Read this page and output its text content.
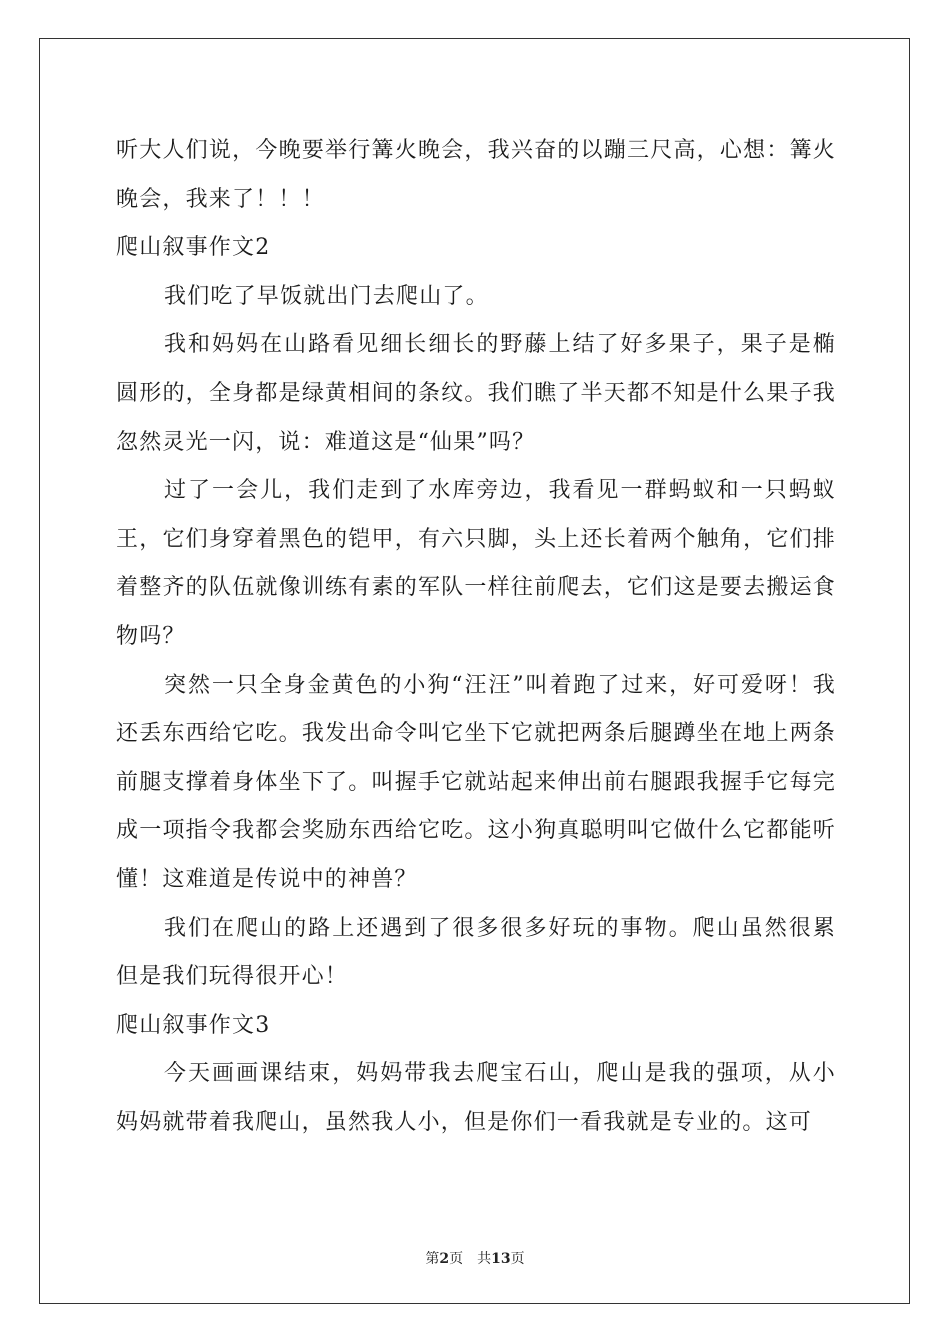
听大人们说，今晚要举行篝火晚会，我兴奋的以蹦三尺高，心想：篝火晚会，我来了！！！

爬山叙事作文2

我们吃了早饭就出门去爬山了。

我和妈妈在山路看见细长细长的野藤上结了好多果子，果子是椭圆形的，全身都是绿黄相间的条纹。我们瞧了半天都不知是什么果子我忽然灵光一闪，说：难道这是“仙果”吗？

过了一会儿，我们走到了水库旁边，我看见一群蚂蚁和一只蚂蚁王，它们身穿着黑色的铠甲，有六只脚，头上还长着两个触角，它们排着整齐的队伍就像训练有素的军队一样往前爬去，它们这是要去搬运食物吗？

突然一只全身金黄色的小狗“汪汪”叫着跑了过来，好可爱呀！我还丢东西给它吃。我发出命令叫它坐下它就把两条后腿蹲坐在地上两条前腿支撑着身体坐下了。叫握手它就站起来伸出前右腿跟我握手它每完成一项指令我都会奖励东西给它吃。这小狗真聪明叫它做什么它都能听懂！这难道是传说中的神兽？

我们在爬山的路上还遇到了很多很多好玩的事物。爬山虽然很累但是我们玩得很开心！

爬山叙事作文3

今天画画课结束，妈妈带我去爬宝石山，爬山是我的强项，从小妈妈就带着我爬山，虽然我人小，但是你们一看我就是专业的。这可

第2页 共13页
